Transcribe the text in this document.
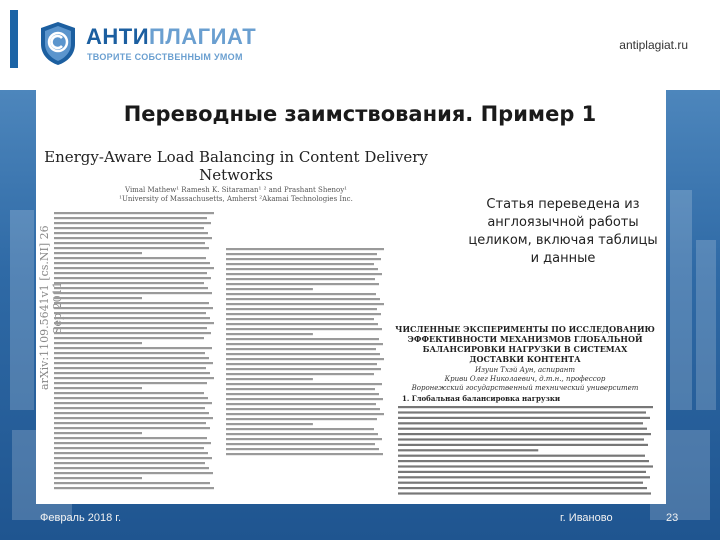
АНТИПЛАГИАТ
ТВОРИТЕ СОБСТВЕННЫМ УМОМ
antiplagiat.ru
Переводные заимствования. Пример 1
arXiv:1109.5641v1 [cs.NI] 26 2011
Energy-Aware Load Balancing in Content Delivery Networks
Vimal Mathew¹ Ramesh K. Sitaraman¹ ² and Prashant Shenoy¹
¹University of Massachusetts, Amherst ²Akamai Technologies Inc.	Статья переведена из англоязычной работы целиком, включая таблицы и данные
ЧИСЛЕННЫЕ ЭКСПЕРИМЕНТЫ ПО ИССЛЕДОВАНИЮ ЭФФЕКТИВНОСТИ МЕХАНИЗМОВ ГЛОБАЛЬНОЙ БАЛАНСИРОВКИ НАГРУЗКИ В СИСТЕМАХ ДОСТАВКИ КОНТЕНТА
Изуин Тхэй Аун, аспирант
Криви Олег Николаевич, д.т.н., профессор
Воронежский государственный технический университет
1. Глобальная балансировка нагрузки
Февраль 2018 г.	г. Иваново	23
